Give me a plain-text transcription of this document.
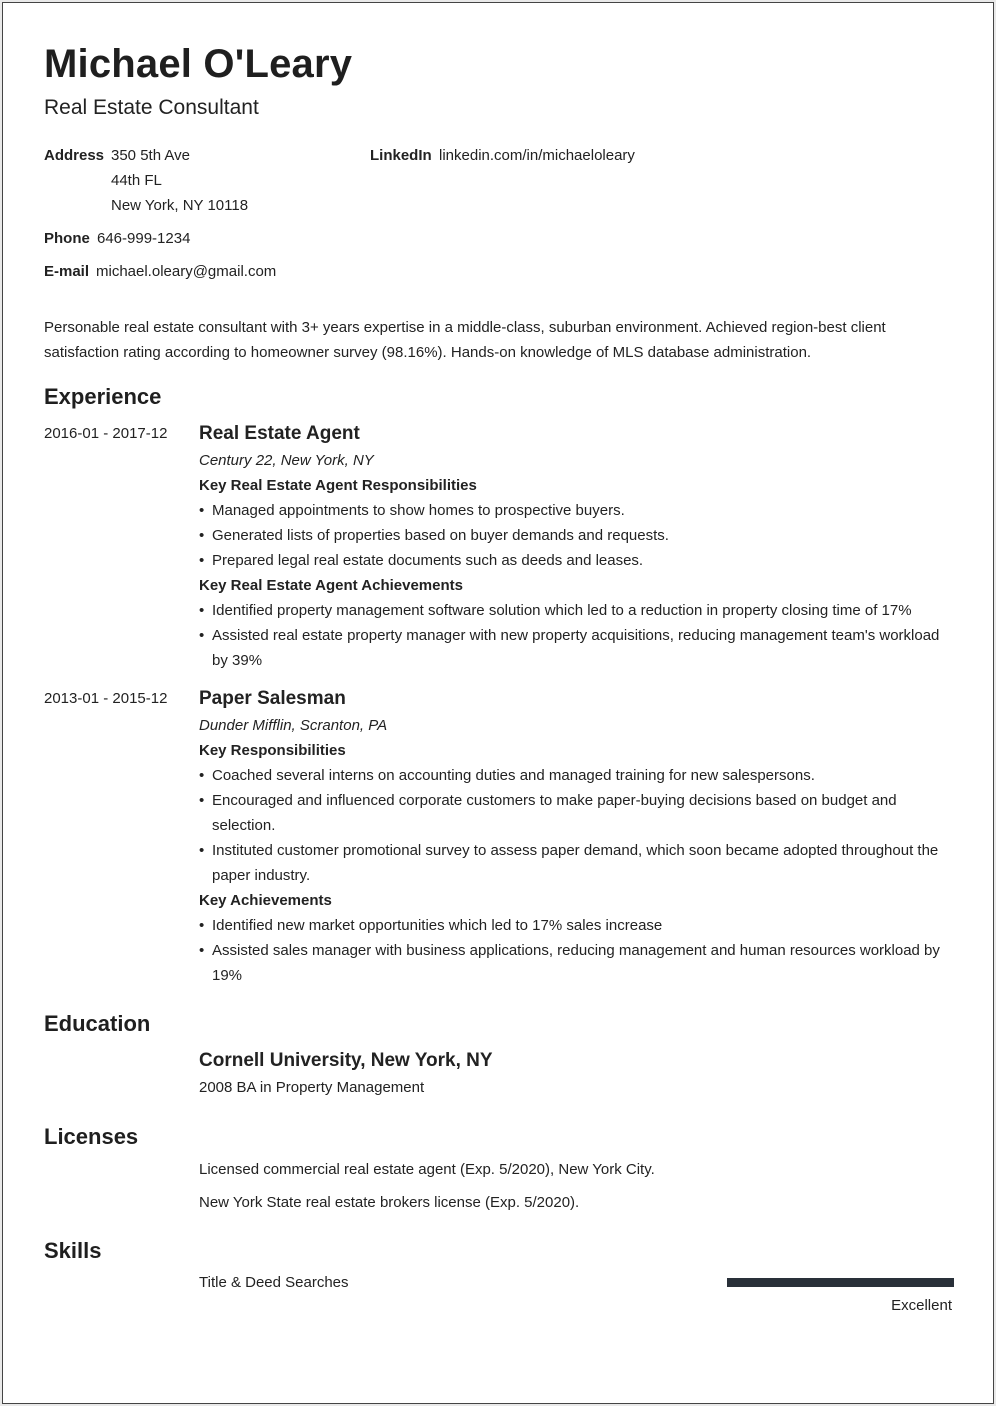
Michael O'Leary
Real Estate Consultant
Address 350 5th Ave
44th FL
New York, NY 10118
LinkedIn linkedin.com/in/michaeloleary
Phone 646-999-1234
E-mail michael.oleary@gmail.com
Personable real estate consultant with 3+ years expertise in a middle-class, suburban environment. Achieved region-best client satisfaction rating according to homeowner survey (98.16%). Hands-on knowledge of MLS database administration.
Experience
2016-01 - 2017-12 Real Estate Agent
Century 22, New York, NY
Key Real Estate Agent Responsibilities
• Managed appointments to show homes to prospective buyers.
• Generated lists of properties based on buyer demands and requests.
• Prepared legal real estate documents such as deeds and leases.
Key Real Estate Agent Achievements
• Identified property management software solution which led to a reduction in property closing time of 17%
• Assisted real estate property manager with new property acquisitions, reducing management team's workload by 39%
2013-01 - 2015-12 Paper Salesman
Dunder Mifflin, Scranton, PA
Key Responsibilities
• Coached several interns on accounting duties and managed training for new salespersons.
• Encouraged and influenced corporate customers to make paper-buying decisions based on budget and selection.
• Instituted customer promotional survey to assess paper demand, which soon became adopted throughout the paper industry.
Key Achievements
• Identified new market opportunities which led to 17% sales increase
• Assisted sales manager with business applications, reducing management and human resources workload by 19%
Education
Cornell University, New York, NY
2008 BA in Property Management
Licenses
Licensed commercial real estate agent (Exp. 5/2020), New York City.
New York State real estate brokers license (Exp. 5/2020).
Skills
Title & Deed Searches
Excellent
